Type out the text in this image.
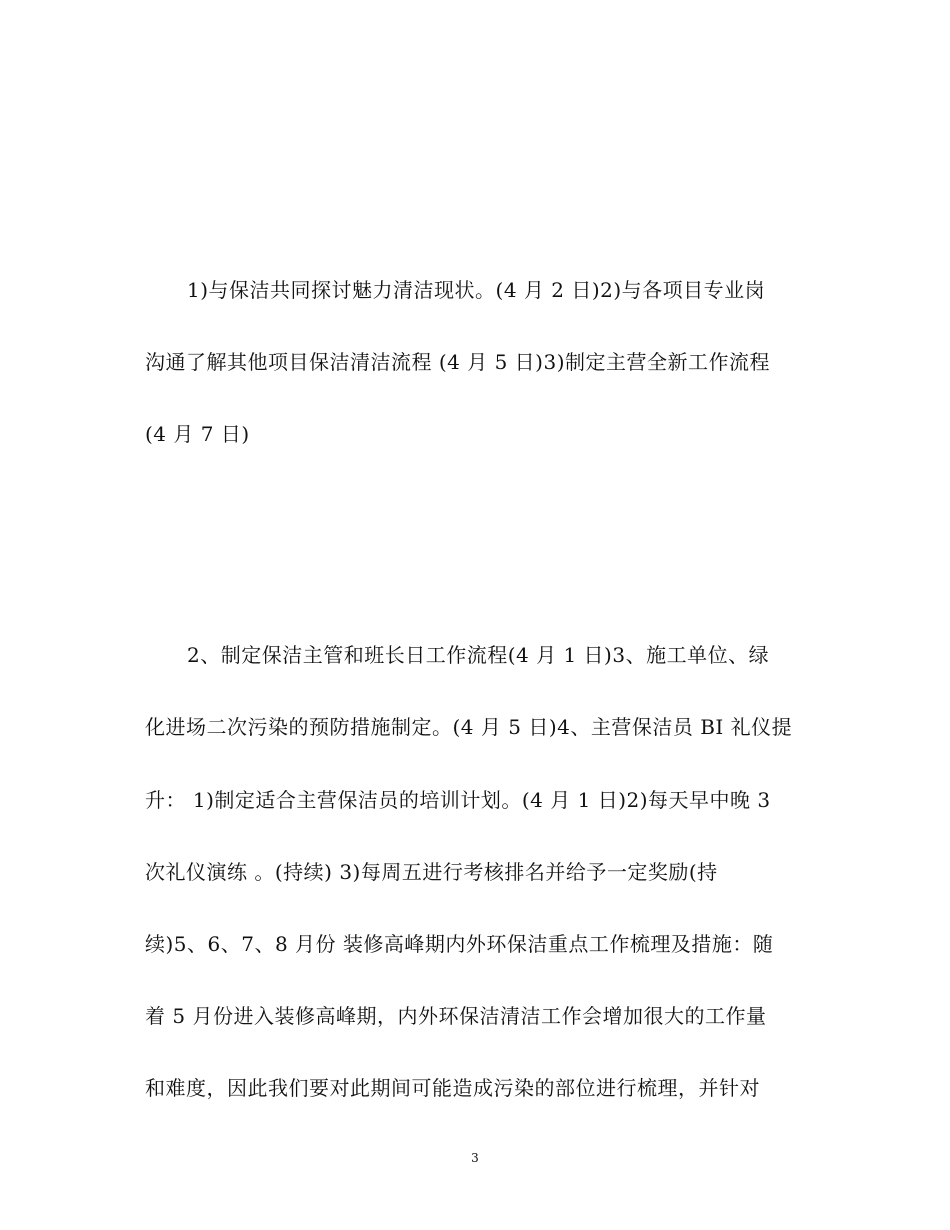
1)与保洁共同探讨魅力清洁现状。(4 月 2 日)2)与各项目专业岗
沟通了解其他项目保洁清洁流程 (4 月 5 日)3)制定主营全新工作流程
(4 月 7 日)
2、制定保洁主管和班长日工作流程(4 月 1 日)3、施工单位、绿
化进场二次污染的预防措施制定。(4 月 5 日)4、主营保洁员 BI 礼仪提
升： 1)制定适合主营保洁员的培训计划。(4 月 1 日)2)每天早中晚 3
次礼仪演练 。(持续) 3)每周五进行考核排名并给予一定奖励(持
续)5、6、7、8 月份 装修高峰期内外环保洁重点工作梳理及措施：随
着 5 月份进入装修高峰期，内外环保洁清洁工作会增加很大的工作量
和难度，因此我们要对此期间可能造成污染的部位进行梳理，并针对
3
